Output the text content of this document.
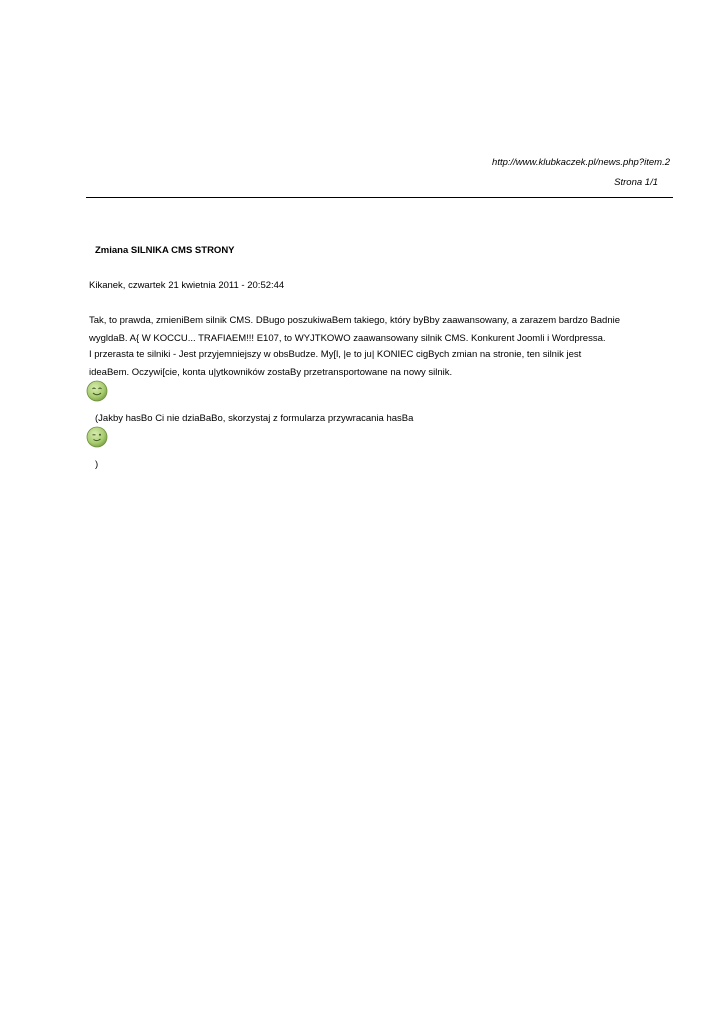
http://www.klubkaczek.pl/news.php?item.2
Strona 1/1
Zmiana SILNIKA CMS STRONY
Kikanek, czwartek 21 kwietnia 2011 - 20:52:44
Tak, to prawda, zmieniBem silnik CMS. DBugo poszukiwaBem takiego, który byBby zaawansowany, a zarazem bardzo Badnie
wygldaB. A{ W KOCCU... TRAFIAEM!!! E107, to WYJTKOWO zaawansowany silnik CMS. Konkurent Joomli i Wordpressa.
I przerasta te silniki - Jest przyjemniejszy w obsBudze. My[l, |e to ju| KONIEC cigBych zmian na stronie, ten silnik jest
ideaBem. Oczywi[cie, konta u|ytkowników zostaBy przetransportowane na nowy silnik.
(Jakby hasBo Ci nie dziaBaBo, skorzystaj z formularza przywracania hasBa
)
